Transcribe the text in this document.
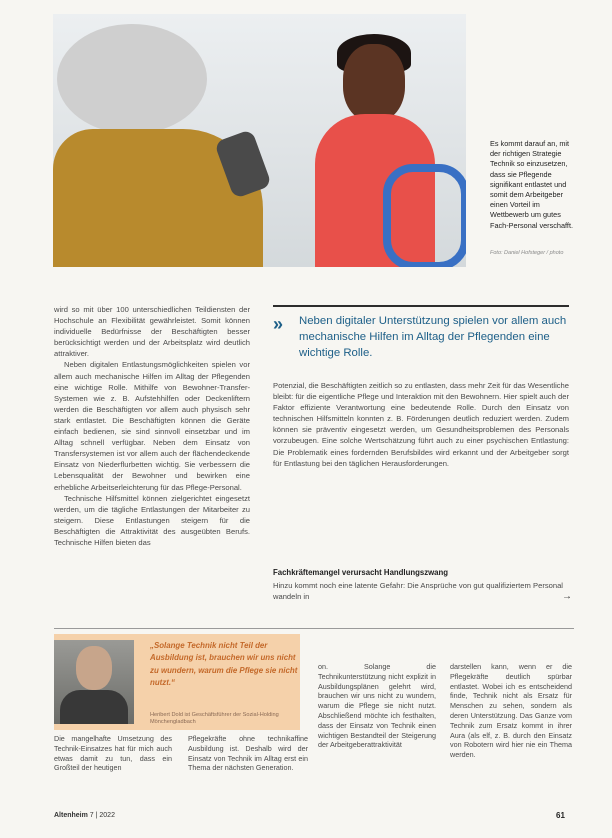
Es kommt darauf an, mit der richtigen Strategie Technik so einzusetzen, dass sie Pflegende signifikant entlastet und somit dem Arbeitgeber einen Vorteil im Wettbewerb um gutes Fach-Personal verschafft.
Foto: Daniel Hofsteger / photo

wird so mit über 100 unterschiedlichen Teildiensten der Hochschule an Flexibilität gewährleistet. Somit können individuelle Bedürfnisse der Beschäftigten besser berücksichtigt werden und der Arbeitsplatz wird deutlich attraktiver.

Neben digitalen Entlastungsmöglichkeiten spielen vor allem auch mechanische Hilfen im Alltag der Pflegenden eine wichtige Rolle. Mithilfe von Bewohner-Transfer-Systemen wie z. B. Aufstehhilfen oder Deckenliftern werden die Beschäftigten vor allem auch physisch sehr stark entlastet. Die Beschäftigten können die Geräte einfach bedienen, sie sind sinnvoll einsetzbar und im Alltag schnell verfügbar. Neben dem Einsatz von Transfersystemen ist vor allem auch der flächendeckende Einsatz von Niederflurbetten wichtig. Sie verbessern die Lebensqualität der Bewohner und bewirken eine erhebliche Arbeitserleichterung für das Pflege-Personal.

Technische Hilfsmittel können zielgerichtet eingesetzt werden, um die tägliche Entlastungen der Mitarbeiter zu steigern. Diese Entlastungen steigern für die Beschäftigten die Attraktivität des ausgeübten Berufs. Technische Hilfen bieten das

» Neben digitaler Unterstützung spielen vor allem auch mechanische Hilfen im Alltag der Pflegenden eine wichtige Rolle.

Potenzial, die Beschäftigten zeitlich so zu entlasten, dass mehr Zeit für das Wesentliche bleibt: für die eigentliche Pflege und Interaktion mit den Bewohnern. Hier spielt auch der Faktor effiziente Verantwortung eine bedeutende Rolle. Durch den Einsatz von technischen Hilfsmitteln konnten z. B. Förderungen deutlich reduziert werden. Zudem können sie präventiv eingesetzt werden, um Gesundheitsproblemen des Personals vorzubeugen. Eine solche Wertschätzung führt auch zu einer psychischen Entlastung: Die Problematik eines fordernden Berufsbildes wird erkannt und der Arbeitgeber sorgt für Entlastung bei den täglichen Herausforderungen.

Fachkräftemangel verursacht Handlungszwang

Hinzu kommt noch eine latente Gefahr: Die Ansprüche von gut qualifiziertem Personal wandeln in	→
„Solange Technik nicht Teil der Ausbildung ist, brauchen wir uns nicht zu wundern, warum die Pflege sie nicht nutzt.“
Heribert Dold ist Geschäftsführer der Sozial-Holding Mönchengladbach

Die mangelhafte Umsetzung des Technik-Einsatzes hat für mich auch etwas damit zu tun, dass ein Großteil der heutigen

Pflegekräfte ohne technikaffine Ausbildung ist. Deshalb wird der Einsatz von Technik im Alltag erst ein Thema der nächsten Generation.

on. Solange die Technikunterstützung nicht explizit in Ausbildungsplänen gelehrt wird, brauchen wir uns nicht zu wundern, warum die Pflege sie nicht nutzt. Abschließend möchte ich festhalten, dass der Einsatz von Technik einen wichtigen Bestandteil der Steigerung der Arbeitgeberattraktivität

darstellen kann, wenn er die Pflegekräfte deutlich spürbar entlastet. Wobei ich es entscheidend finde, Technik nicht als Ersatz für Menschen zu sehen, sondern als deren Unterstützung. Das Ganze vom Technik zum Ersatz kommt in ihrer Aura (als elf, z. B. durch den Einsatz von Robotern wird hier nie ein Thema werden.

Altenheim 7 | 2022	61
